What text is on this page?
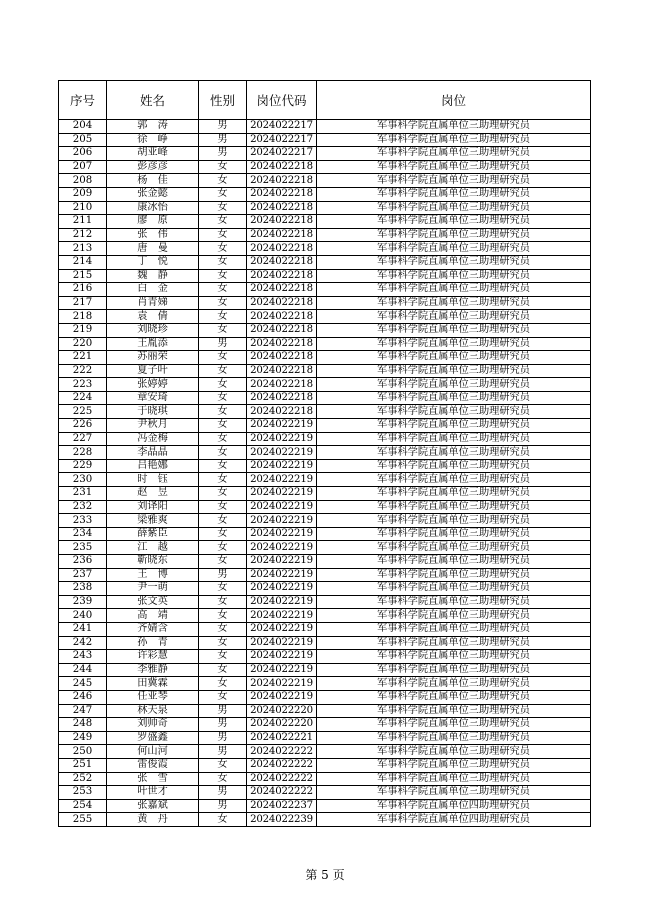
序号	姓名	性别	岗位代码	岗位
204	郭　涛	男	2024022217	军事科学院直属单位三助理研究员
205	徐　峥	男	2024022217	军事科学院直属单位三助理研究员
206	胡亚峰	男	2024022217	军事科学院直属单位三助理研究员
207	彭彦彦	女	2024022218	军事科学院直属单位三助理研究员
208	杨　佳	女	2024022218	军事科学院直属单位三助理研究员
209	张金懿	女	2024022218	军事科学院直属单位三助理研究员
210	康冰怡	女	2024022218	军事科学院直属单位三助理研究员
211	廖　原	女	2024022218	军事科学院直属单位三助理研究员
212	张　伟	女	2024022218	军事科学院直属单位三助理研究员
213	唐　曼	女	2024022218	军事科学院直属单位三助理研究员
214	丁　悦	女	2024022218	军事科学院直属单位三助理研究员
215	魏　静	女	2024022218	军事科学院直属单位三助理研究员
216	白　金	女	2024022218	军事科学院直属单位三助理研究员
217	肖青娣	女	2024022218	军事科学院直属单位三助理研究员
218	袁　倩	女	2024022218	军事科学院直属单位三助理研究员
219	刘晓珍	女	2024022218	军事科学院直属单位三助理研究员
220	王胤添	男	2024022218	军事科学院直属单位三助理研究员
221	苏丽荣	女	2024022218	军事科学院直属单位三助理研究员
222	夏子叶	女	2024022218	军事科学院直属单位三助理研究员
223	张婷婷	女	2024022218	军事科学院直属单位三助理研究员
224	章安琦	女	2024022218	军事科学院直属单位三助理研究员
225	于晓琪	女	2024022218	军事科学院直属单位三助理研究员
226	尹秋月	女	2024022219	军事科学院直属单位三助理研究员
227	冯金梅	女	2024022219	军事科学院直属单位三助理研究员
228	李晶晶	女	2024022219	军事科学院直属单位三助理研究员
229	吕艳娜	女	2024022219	军事科学院直属单位三助理研究员
230	时　钰	女	2024022219	军事科学院直属单位三助理研究员
231	赵　昱	女	2024022219	军事科学院直属单位三助理研究员
232	刘译阳	女	2024022219	军事科学院直属单位三助理研究员
233	梁雅爽	女	2024022219	军事科学院直属单位三助理研究员
234	薛紫臣	女	2024022219	军事科学院直属单位三助理研究员
235	江　越	女	2024022219	军事科学院直属单位三助理研究员
236	靳晓东	女	2024022219	军事科学院直属单位三助理研究员
237	王　博	男	2024022219	军事科学院直属单位三助理研究员
238	尹一萌	女	2024022219	军事科学院直属单位三助理研究员
239	张文英	女	2024022219	军事科学院直属单位三助理研究员
240	高　靖	女	2024022219	军事科学院直属单位三助理研究员
241	齐婧含	女	2024022219	军事科学院直属单位三助理研究员
242	孙　青	女	2024022219	军事科学院直属单位三助理研究员
243	许彩慧	女	2024022219	军事科学院直属单位三助理研究员
244	李雅静	女	2024022219	军事科学院直属单位三助理研究员
245	田冀霖	女	2024022219	军事科学院直属单位三助理研究员
246	任亚琴	女	2024022219	军事科学院直属单位三助理研究员
247	林天泉	男	2024022220	军事科学院直属单位三助理研究员
248	刘帅奇	男	2024022220	军事科学院直属单位三助理研究员
249	罗盛鑫	男	2024022221	军事科学院直属单位三助理研究员
250	何山河	男	2024022222	军事科学院直属单位三助理研究员
251	雷俊霞	女	2024022222	军事科学院直属单位三助理研究员
252	张　雪	女	2024022222	军事科学院直属单位三助理研究员
253	叶世才	男	2024022222	军事科学院直属单位三助理研究员
254	张嘉斌	男	2024022237	军事科学院直属单位四助理研究员
255	黄　丹	女	2024022239	军事科学院直属单位四助理研究员
第 5 页
